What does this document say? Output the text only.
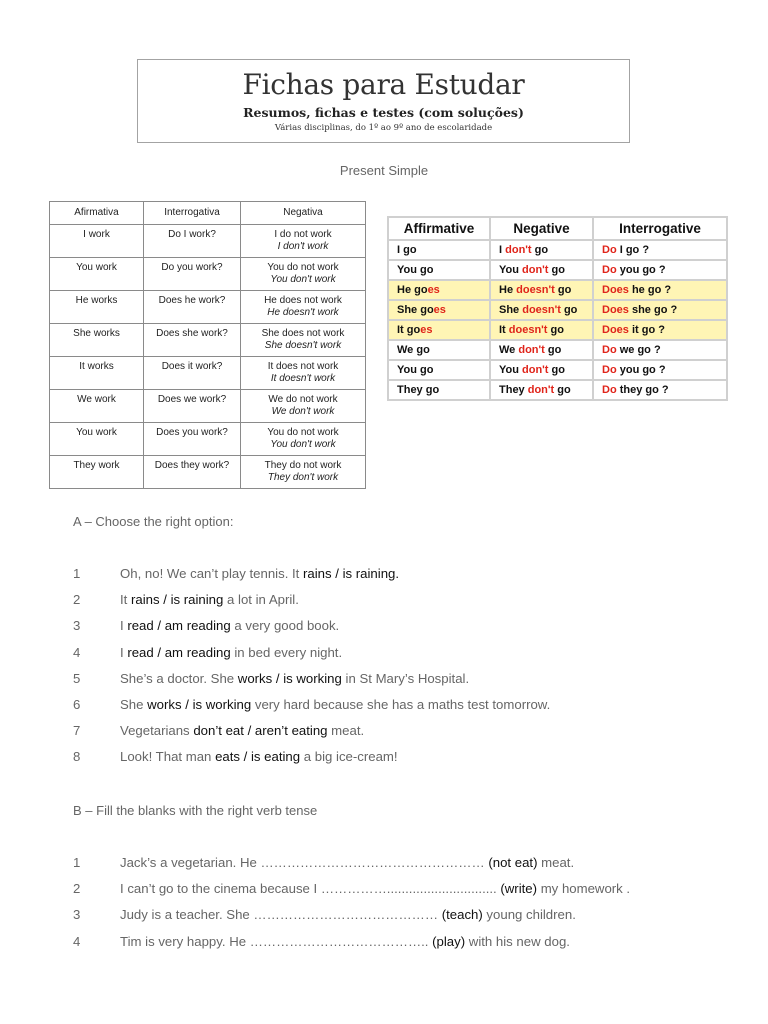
Fichas para Estudar
Resumos, fichas e testes (com soluções)
Várias disciplinas, do 1º ao 9º ano de escolaridade
Present Simple
Afirmativa	Interrogativa	Negativa

I work	Do I work?	I do not work
I don't work

You work	Do you work?	You do not work
You don't work

He works	Does he work?	He does not work
He doesn't work

She works	Does she work?	She does not work
She doesn't work

It works	Does it work?	It does not work
It doesn't work

We work	Does we work?	We do not work
We don't work

You work	Does you work?	You do not work
You don't work

They work	Does they work?	They do not work
They don't work
Affirmative	Negative	Interrogative
I go	I don't go	Do I go ?
You go	You don't go	Do you go ?
He goes	He doesn't go	Does he go ?
She goes	She doesn't go	Does she go ?
It goes	It doesn't go	Does it go ?
We go	We don't go	Do we go ?
You go	You don't go	Do you go ?
They go	They don't go	Do they go ?
A – Choose the right option:
1	Oh, no! We can’t play tennis. It rains / is raining.
2	It rains / is raining a lot in April.
3	I read / am reading a very good book.
4	I read / am reading in bed every night.
5	She’s a doctor. She works / is working in St Mary’s Hospital.
6	She works / is working very hard because she has a maths test tomorrow.
7	Vegetarians don’t eat / aren’t eating meat.
8	Look! That man eats / is eating a big ice-cream!
B – Fill the blanks with the right verb tense
1	Jack’s a vegetarian. He …………………………………………… (not eat) meat.
2	I can’t go to the cinema because I …………….............................. (write) my homework .
3	Judy is a teacher. She …………………………………… (teach) young children.
4	Tim is very happy. He ………………………………….. (play) with his new dog.
